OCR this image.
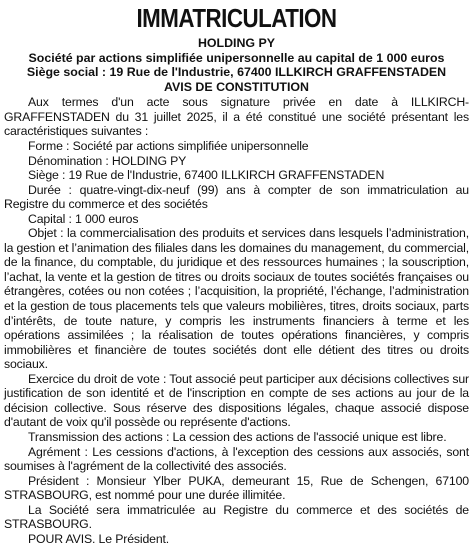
IMMATRICULATION
HOLDING PY
Société par actions simplifiée unipersonnelle au capital de 1 000 euros
Siège social : 19 Rue de l'Industrie, 67400 ILLKIRCH GRAFFENSTADEN
AVIS DE CONSTITUTION

Aux termes d'un acte sous signature privée en date à ILLKIRCH-GRAFFENSTADEN du 31 juillet 2025, il a été constitué une société présentant les caractéristiques suivantes :

Forme : Société par actions simplifiée unipersonnelle

Dénomination : HOLDING PY

Siège : 19 Rue de l'Industrie, 67400 ILLKIRCH GRAFFENSTADEN

Durée : quatre-vingt-dix-neuf (99) ans à compter de son immatriculation au Registre du commerce et des sociétés

Capital : 1 000 euros

Objet : la commercialisation des produits et services dans lesquels l’administration, la gestion et l’animation des filiales dans les domaines du management, du commercial, de la finance, du comptable, du juridique et des ressources humaines ; la souscription, l’achat, la vente et la gestion de titres ou droits sociaux de toutes sociétés françaises ou étrangères, cotées ou non cotées ; l’acquisition, la propriété, l’échange, l’administration et la gestion de tous placements tels que valeurs mobilières, titres, droits sociaux, parts d’intérêts, de toute nature, y compris les instruments financiers à terme et les opérations assimilées ; la réalisation de toutes opérations financières, y compris immobilières et financière de toutes sociétés dont elle détient des titres ou droits sociaux.

Exercice du droit de vote : Tout associé peut participer aux décisions collectives sur justification de son identité et de l'inscription en compte de ses actions au jour de la décision collective. Sous réserve des dispositions légales, chaque associé dispose d'autant de voix qu'il possède ou représente d'actions.

Transmission des actions : La cession des actions de l'associé unique est libre.

Agrément : Les cessions d'actions, à l'exception des cessions aux associés, sont soumises à l'agrément de la collectivité des associés.

Président : Monsieur Ylber PUKA, demeurant 15, Rue de Schengen, 67100 STRASBOURG, est nommé pour une durée illimitée.

La Société sera immatriculée au Registre du commerce et des sociétés de STRASBOURG.

POUR AVIS. Le Président.
